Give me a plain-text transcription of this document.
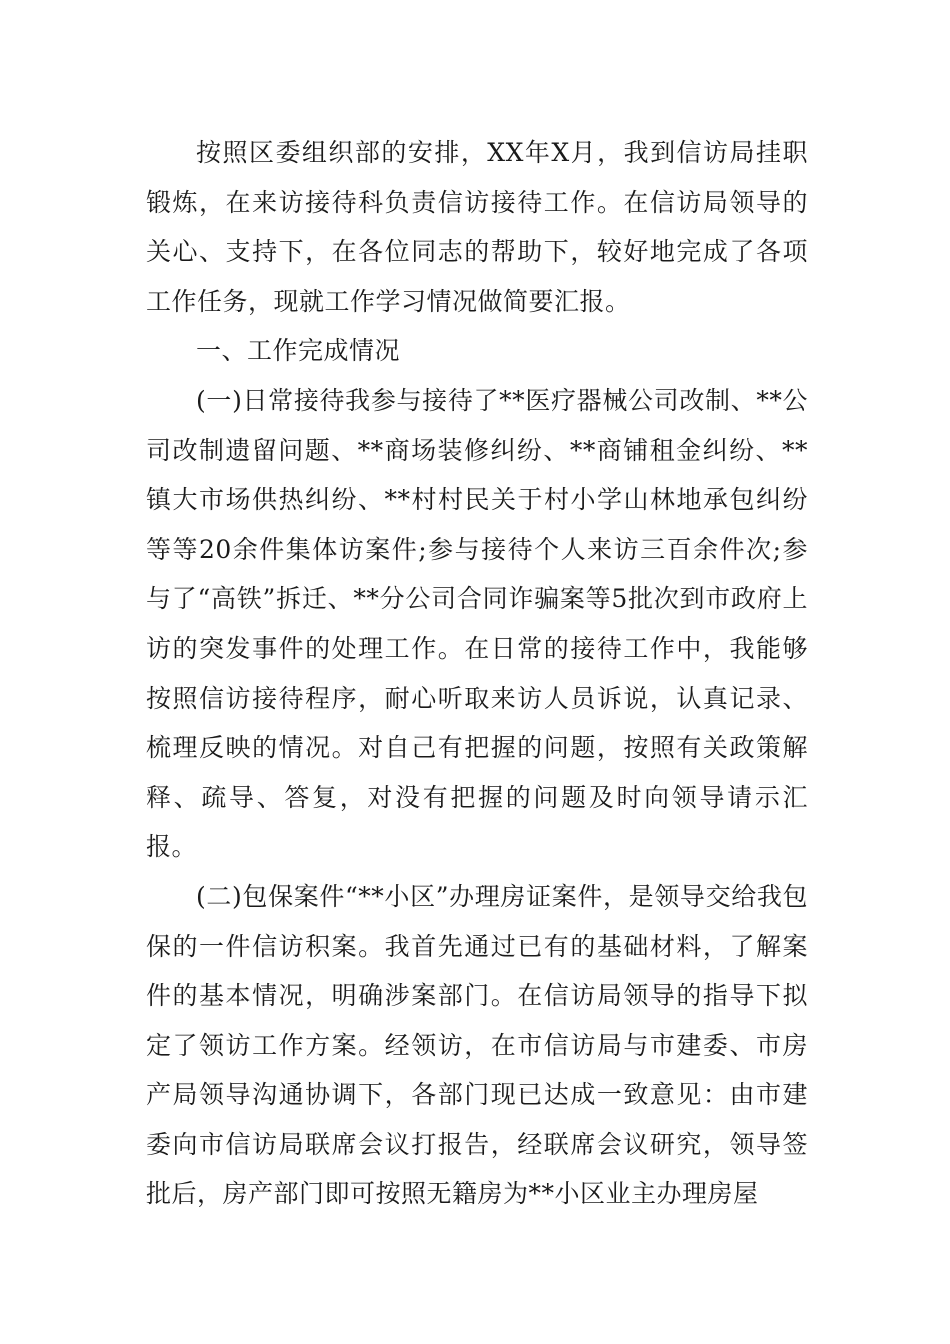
按照区委组织部的安排，XX年X月，我到信访局挂职锻炼，在来访接待科负责信访接待工作。在信访局领导的关心、支持下，在各位同志的帮助下，较好地完成了各项工作任务，现就工作学习情况做简要汇报。

一、工作完成情况

(一)日常接待我参与接待了**医疗器械公司改制、**公司改制遗留问题、**商场装修纠纷、**商铺租金纠纷、**镇大市场供热纠纷、**村村民关于村小学山林地承包纠纷等等20余件集体访案件;参与接待个人来访三百余件次;参与了“高铁”拆迁、**分公司合同诈骗案等5批次到市政府上访的突发事件的处理工作。在日常的接待工作中，我能够按照信访接待程序，耐心听取来访人员诉说，认真记录、梳理反映的情况。对自己有把握的问题，按照有关政策解释、疏导、答复，对没有把握的问题及时向领导请示汇报。

(二)包保案件“**小区”办理房证案件，是领导交给我包保的一件信访积案。我首先通过已有的基础材料，了解案件的基本情况，明确涉案部门。在信访局领导的指导下拟定了领访工作方案。经领访，在市信访局与市建委、市房产局领导沟通协调下，各部门现已达成一致意见：由市建委向市信访局联席会议打报告，经联席会议研究，领导签批后，房产部门即可按照无籍房为**小区业主办理房屋
